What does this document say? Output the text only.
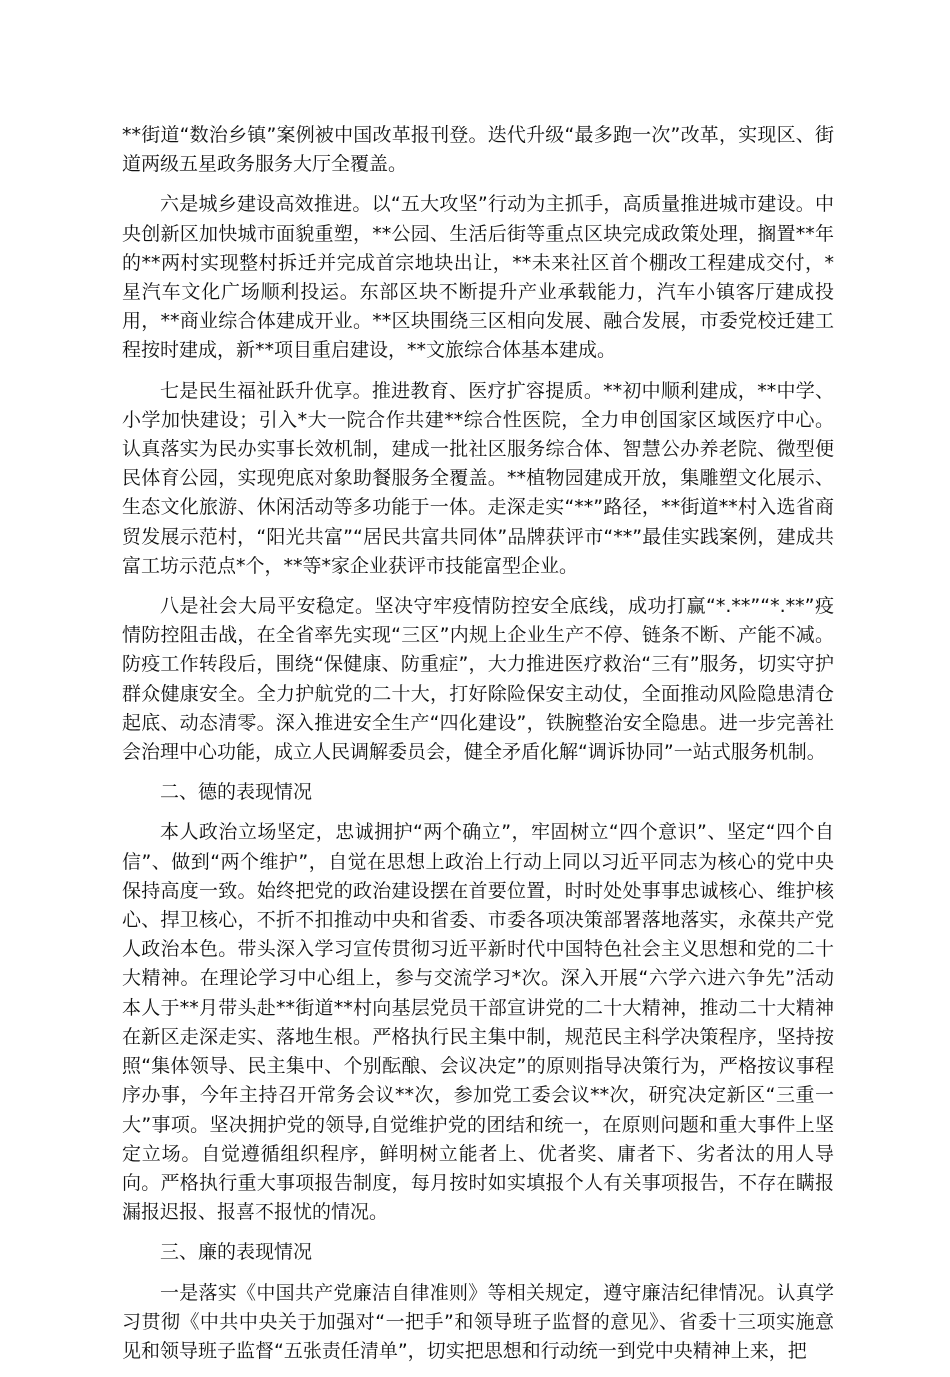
**街道“数治乡镇”案例被中国改革报刊登。迭代升级“最多跑一次”改革，实现区、街道两级五星政务服务大厅全覆盖。

六是城乡建设高效推进。以“五大攻坚”行动为主抓手，高质量推进城市建设。中央创新区加快城市面貌重塑，**公园、生活后街等重点区块完成政策处理，搁置**年的**两村实现整村拆迁并完成首宗地块出让，**未来社区首个棚改工程建成交付，*星汽车文化广场顺利投运。东部区块不断提升产业承载能力，汽车小镇客厅建成投用，**商业综合体建成开业。**区块围绕三区相向发展、融合发展，市委党校迁建工程按时建成，新**项目重启建设，**文旅综合体基本建成。

七是民生福祉跃升优享。推进教育、医疗扩容提质。**初中顺利建成，**中学、小学加快建设；引入*大一院合作共建**综合性医院，全力申创国家区域医疗中心。认真落实为民办实事长效机制，建成一批社区服务综合体、智慧公办养老院、微型便民体育公园，实现兜底对象助餐服务全覆盖。**植物园建成开放，集雕塑文化展示、生态文化旅游、休闲活动等多功能于一体。走深走实“**”路径，**街道**村入选省商贸发展示范村，“阳光共富”“居民共富共同体”品牌获评市“**”最佳实践案例，建成共富工坊示范点*个，**等*家企业获评市技能富型企业。

八是社会大局平安稳定。坚决守牢疫情防控安全底线，成功打赢“*.**”“*.**”疫情防控阻击战，在全省率先实现“三区”内规上企业生产不停、链条不断、产能不减。防疫工作转段后，围绕“保健康、防重症”，大力推进医疗救治“三有”服务，切实守护群众健康安全。全力护航党的二十大，打好除险保安主动仗，全面推动风险隐患清仓起底、动态清零。深入推进安全生产“四化建设”，铁腕整治安全隐患。进一步完善社会治理中心功能，成立人民调解委员会，健全矛盾化解“调诉协同”一站式服务机制。

二、德的表现情况

本人政治立场坚定，忠诚拥护“两个确立”，牢固树立“四个意识”、坚定“四个自信”、做到“两个维护”，自觉在思想上政治上行动上同以习近平同志为核心的党中央保持高度一致。始终把党的政治建设摆在首要位置，时时处处事事忠诚核心、维护核心、捍卫核心，不折不扣推动中央和省委、市委各项决策部署落地落实，永葆共产党人政治本色。带头深入学习宣传贯彻习近平新时代中国特色社会主义思想和党的二十大精神。在理论学习中心组上，参与交流学习*次。深入开展“六学六进六争先”活动本人于**月带头赴**街道**村向基层党员干部宣讲党的二十大精神，推动二十大精神在新区走深走实、落地生根。严格执行民主集中制，规范民主科学决策程序，坚持按照“集体领导、民主集中、个别酝酿、会议决定”的原则指导决策行为，严格按议事程序办事，今年主持召开常务会议**次，参加党工委会议**次，研究决定新区“三重一大”事项。坚决拥护党的领导,自觉维护党的团结和统一，在原则问题和重大事件上坚定立场。自觉遵循组织程序，鲜明树立能者上、优者奖、庸者下、劣者汰的用人导向。严格执行重大事项报告制度，每月按时如实填报个人有关事项报告，不存在瞒报漏报迟报、报喜不报忧的情况。

三、廉的表现情况

一是落实《中国共产党廉洁自律准则》等相关规定，遵守廉洁纪律情况。认真学习贯彻《中共中央关于加强对“一把手”和领导班子监督的意见》、省委十三项实施意见和领导班子监督“五张责任清单”，切实把思想和行动统一到党中央精神上来，把
